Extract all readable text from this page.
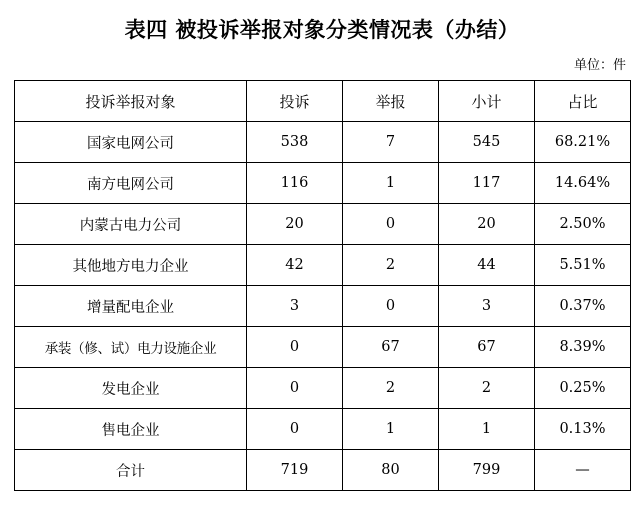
表四 被投诉举报对象分类情况表（办结）
单位：件
投诉举报对象	投诉	举报	小计	占比
国家电网公司	538	7	545	68.21%
南方电网公司	116	1	117	14.64%
内蒙古电力公司	20	0	20	2.50%
其他地方电力企业	42	2	44	5.51%
增量配电企业	3	0	3	0.37%
承装（修、试）电力设施企业	0	67	67	8.39%
发电企业	0	2	2	0.25%
售电企业	0	1	1	0.13%
合计	719	80	799	—
